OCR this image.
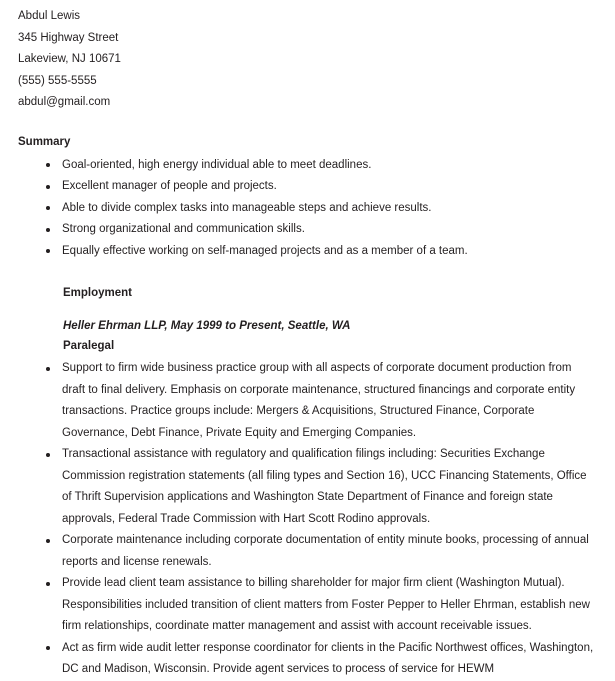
Abdul Lewis
345 Highway Street
Lakeview, NJ 10671
(555) 555-5555
abdul@gmail.com
Summary
Goal-oriented, high energy individual able to meet deadlines.
Excellent manager of people and projects.
Able to divide complex tasks into manageable steps and achieve results.
Strong organizational and communication skills.
Equally effective working on self-managed projects and as a member of a team.
Employment
Heller Ehrman LLP, May 1999 to Present, Seattle, WA
Paralegal
Support to firm wide business practice group with all aspects of corporate document production from draft to final delivery. Emphasis on corporate maintenance, structured financings and corporate entity transactions. Practice groups include: Mergers & Acquisitions, Structured Finance, Corporate Governance, Debt Finance, Private Equity and Emerging Companies.
Transactional assistance with regulatory and qualification filings including: Securities Exchange Commission registration statements (all filing types and Section 16), UCC Financing Statements, Office of Thrift Supervision applications and Washington State Department of Finance and foreign state approvals, Federal Trade Commission with Hart Scott Rodino approvals.
Corporate maintenance including corporate documentation of entity minute books, processing of annual reports and license renewals.
Provide lead client team assistance to billing shareholder for major firm client (Washington Mutual). Responsibilities included transition of client matters from Foster Pepper to Heller Ehrman, establish new firm relationships, coordinate matter management and assist with account receivable issues.
Act as firm wide audit letter response coordinator for clients in the Pacific Northwest offices, Washington, DC and Madison, Wisconsin. Provide agent services to process of service for HEWM
